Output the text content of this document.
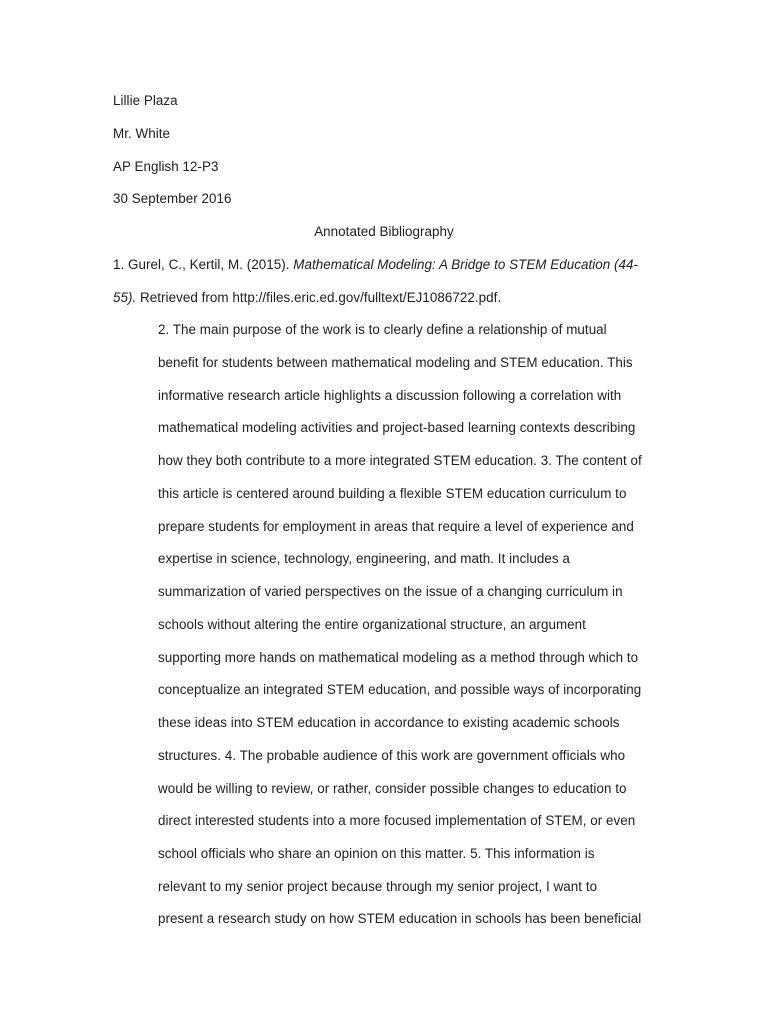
Lillie Plaza
Mr. White
AP English 12-P3
30 September 2016
Annotated Bibliography
1. Gurel, C., Kertil, M. (2015). Mathematical Modeling: A Bridge to STEM Education (44-
55). Retrieved from http://files.eric.ed.gov/fulltext/EJ1086722.pdf.
2. The main purpose of the work is to clearly define a relationship of mutual
benefit for students between mathematical modeling and STEM education. This
informative research article highlights a discussion following a correlation with
mathematical modeling activities and project-based learning contexts describing
how they both contribute to a more integrated STEM education. 3. The content of
this article is centered around building a flexible STEM education curriculum to
prepare students for employment in areas that require a level of experience and
expertise in science, technology, engineering, and math. It includes a
summarization of varied perspectives on the issue of a changing curriculum in
schools without altering the entire organizational structure, an argument
supporting more hands on mathematical modeling as a method through which to
conceptualize an integrated STEM education, and possible ways of incorporating
these ideas into STEM education in accordance to existing academic schools
structures. 4. The probable audience of this work are government officials who
would be willing to review, or rather, consider possible changes to education to
direct interested students into a more focused implementation of STEM, or even
school officials who share an opinion on this matter. 5. This information is
relevant to my senior project because through my senior project, I want to
present a research study on how STEM education in schools has been beneficial
